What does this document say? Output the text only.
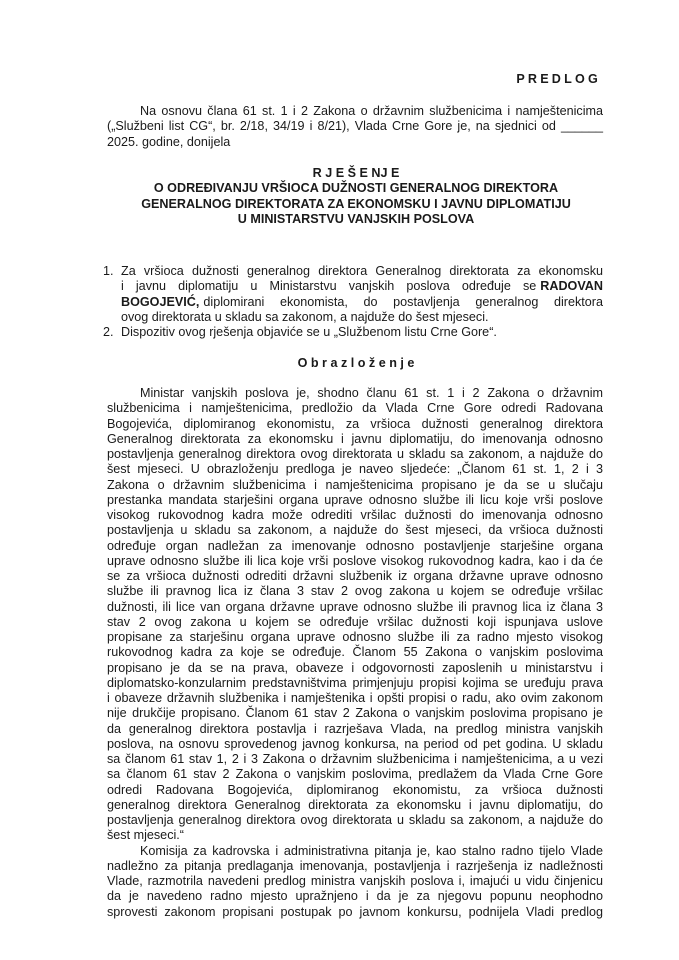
PREDLOG
Na osnovu člana 61 st. 1 i 2 Zakona o državnim službenicima i namještenicima
(„Službeni list CG“, br. 2/18, 34/19 i 8/21), Vlada Crne Gore je, na sjednici od ______
2025. godine, donijela
R J E Š E NJ E
O ODREĐIVANJU VRŠIOCA DUŽNOSTI GENERALNOG DIREKTORA
GENERALNOG DIREKTORATA ZA EKONOMSKU I JAVNU DIPLOMATIJU
U MINISTARSTVU VANJSKIH POSLOVA
1. Za vršioca dužnosti generalnog direktora Generalnog direktorata za ekonomsku
i javnu diplomatiju u Ministarstvu vanjskih poslova određuje se RADOVAN
BOGOJEVIĆ, diplomirani ekonomista, do postavljenja generalnog direktora
ovog direktorata u skladu sa zakonom, a najduže do šest mjeseci.
2. Dispozitiv ovog rješenja objaviće se u „Službenom listu Crne Gore“.
O b r a z l o ž e n j e
Ministar vanjskih poslova je, shodno članu 61 st. 1 i 2 Zakona o državnim
službenicima i namještenicima, predložio da Vlada Crne Gore odredi Radovana
Bogojevića, diplomiranog ekonomistu, za vršioca dužnosti generalnog direktora
Generalnog direktorata za ekonomsku i javnu diplomatiju, do imenovanja odnosno
postavljenja generalnog direktora ovog direktorata u skladu sa zakonom, a najduže do
šest mjeseci. U obrazloženju predloga je naveo sljedeće: „Članom 61 st. 1, 2 i 3
Zakona o državnim službenicima i namještenicima propisano je da se u slučaju
prestanka mandata starješini organa uprave odnosno službe ili licu koje vrši poslove
visokog rukovodnog kadra može odrediti vršilac dužnosti do imenovanja odnosno
postavljenja u skladu sa zakonom, a najduže do šest mjeseci, da vršioca dužnosti
određuje organ nadležan za imenovanje odnosno postavljenje starješine organa
uprave odnosno službe ili lica koje vrši poslove visokog rukovodnog kadra, kao i da će
se za vršioca dužnosti odrediti državni službenik iz organa državne uprave odnosno
službe ili pravnog lica iz člana 3 stav 2 ovog zakona u kojem se određuje vršilac
dužnosti, ili lice van organa državne uprave odnosno službe ili pravnog lica iz člana 3
stav 2 ovog zakona u kojem se određuje vršilac dužnosti koji ispunjava uslove
propisane za starješinu organa uprave odnosno službe ili za radno mjesto visokog
rukovodnog kadra za koje se određuje. Članom 55 Zakona o vanjskim poslovima
propisano je da se na prava, obaveze i odgovornosti zaposlenih u ministarstvu i
diplomatsko-konzularnim predstavništvima primjenjuju propisi kojima se uređuju prava
i obaveze državnih službenika i namještenika i opšti propisi o radu, ako ovim zakonom
nije drukčije propisano. Članom 61 stav 2 Zakona o vanjskim poslovima propisano je
da generalnog direktora postavlja i razrješava Vlada, na predlog ministra vanjskih
poslova, na osnovu sprovedenog javnog konkursa, na period od pet godina. U skladu
sa članom 61 stav 1, 2 i 3 Zakona o državnim službenicima i namještenicima, a u vezi
sa članom 61 stav 2 Zakona o vanjskim poslovima, predlažem da Vlada Crne Gore
odredi Radovana Bogojevića, diplomiranog ekonomistu, za vršioca dužnosti
generalnog direktora Generalnog direktorata za ekonomsku i javnu diplomatiju, do
postavljenja generalnog direktora ovog direktorata u skladu sa zakonom, a najduže do
šest mjeseci.“
Komisija za kadrovska i administrativna pitanja je, kao stalno radno tijelo Vlade
nadležno za pitanja predlaganja imenovanja, postavljenja i razrješenja iz nadležnosti
Vlade, razmotrila navedeni predlog ministra vanjskih poslova i, imajući u vidu činjenicu
da je navedeno radno mjesto upražnjeno i da je za njegovu popunu neophodno
sprovesti zakonom propisani postupak po javnom konkursu, podnijela Vladi predlog
